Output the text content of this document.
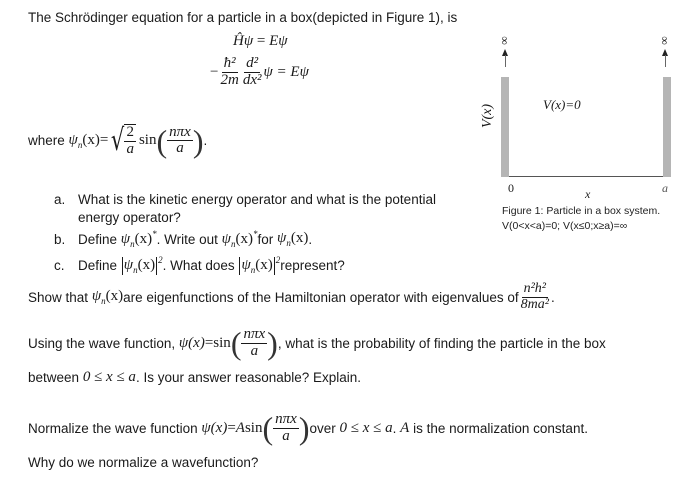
The Schrödinger equation for a particle in a box(depicted in Figure 1), is
Ĥψ = Eψ
− $\frac{\text{ħ²}}{2m} \frac{\text{d²}}{\text{dx²}}$ ψ = Eψ
where
$\psi_n(x)$ = √ $\frac{2}{a}$ sin ( $\frac{\text{nπx}}{a}$ ) .
V(x)
∞	∞
V(x)=0
0	a
x
Figure 1: Particle in a box system.
V(0<x<a)=0; V(x≤0;x≥a)=∞
a. What is the kinetic energy operator and what is the potential
energy operator?
b. Define
$\psi_n(x)^*$ . Write out
$\psi_n(x)^*$ for
$\psi_n(x)$ .
c. Define
$\psi_n(x)$ $^2$ . What does
$\psi_n(x)$ $^2$ represent?
Show that
$\psi_n(x)$ are eigenfunctions of the Hamiltonian operator with eigenvalues of $\frac{\text{n²h²}}{\text{8ma²}}$ .
Using the wave function,
ψ(x) = sin ( $\frac{\text{nπx}}{a}$ ) , what is the probability of finding the particle in the box
between
0 ≤ x ≤ a . Is your answer reasonable? Explain.
Normalize the wave function
ψ(x) = A sin ( $\frac{\text{nπx}}{a}$ ) over
0 ≤ x ≤ a .
A
is the normalization constant.
Why do we normalize a wavefunction?
